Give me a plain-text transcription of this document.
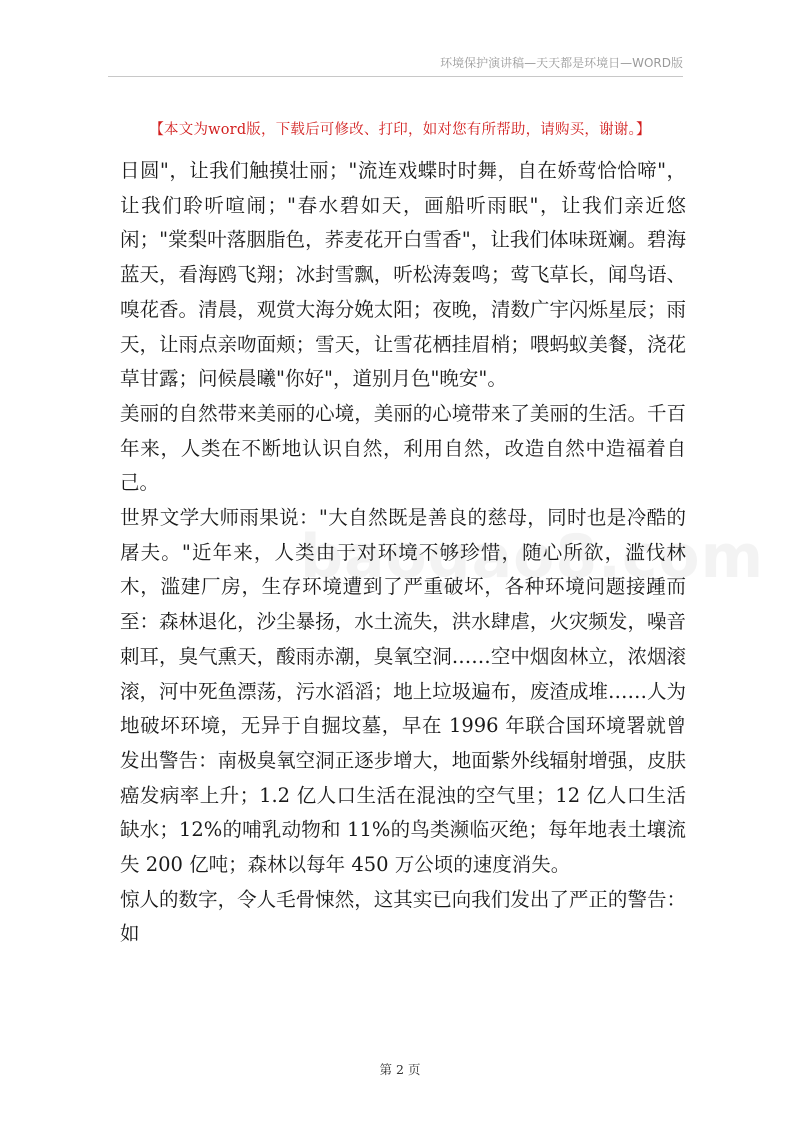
环境保护演讲稿—天天都是环境日—WORD版
【本文为word版，下载后可修改、打印，如对您有所帮助，请购买，谢谢。】

日圆"，让我们触摸壮丽；"流连戏蝶时时舞，自在娇莺恰恰啼"，让我们聆听喧闹；"春水碧如天，画船听雨眠"，让我们亲近悠闲；"棠梨叶落胭脂色，荞麦花开白雪香"，让我们体味斑斓。碧海蓝天，看海鸥飞翔；冰封雪飘，听松涛轰鸣；莺飞草长，闻鸟语、嗅花香。清晨，观赏大海分娩太阳；夜晚，清数广宇闪烁星辰；雨天，让雨点亲吻面颊；雪天，让雪花栖挂眉梢；喂蚂蚁美餐，浇花草甘露；问候晨曦"你好"，道别月色"晚安"。

美丽的自然带来美丽的心境，美丽的心境带来了美丽的生活。千百年来，人类在不断地认识自然，利用自然，改造自然中造福着自己。

世界文学大师雨果说："大自然既是善良的慈母，同时也是冷酷的屠夫。"近年来，人类由于对环境不够珍惜，随心所欲，滥伐林木，滥建厂房，生存环境遭到了严重破坏，各种环境问题接踵而至：森林退化，沙尘暴扬，水土流失，洪水肆虐，火灾频发，噪音刺耳，臭气熏天，酸雨赤潮，臭氧空洞……空中烟囱林立，浓烟滚滚，河中死鱼漂荡，污水滔滔；地上垃圾遍布，废渣成堆……人为地破坏环境，无异于自掘坟墓，早在 1996 年联合国环境署就曾发出警告：南极臭氧空洞正逐步增大，地面紫外线辐射增强，皮肤癌发病率上升；1.2 亿人口生活在混浊的空气里；12 亿人口生活缺水；12%的哺乳动物和 11%的鸟类濒临灭绝；每年地表土壤流失 200 亿吨；森林以每年 450 万公顷的速度消失。

惊人的数字，令人毛骨悚然，这其实已向我们发出了严正的警告：如

第 2 页
